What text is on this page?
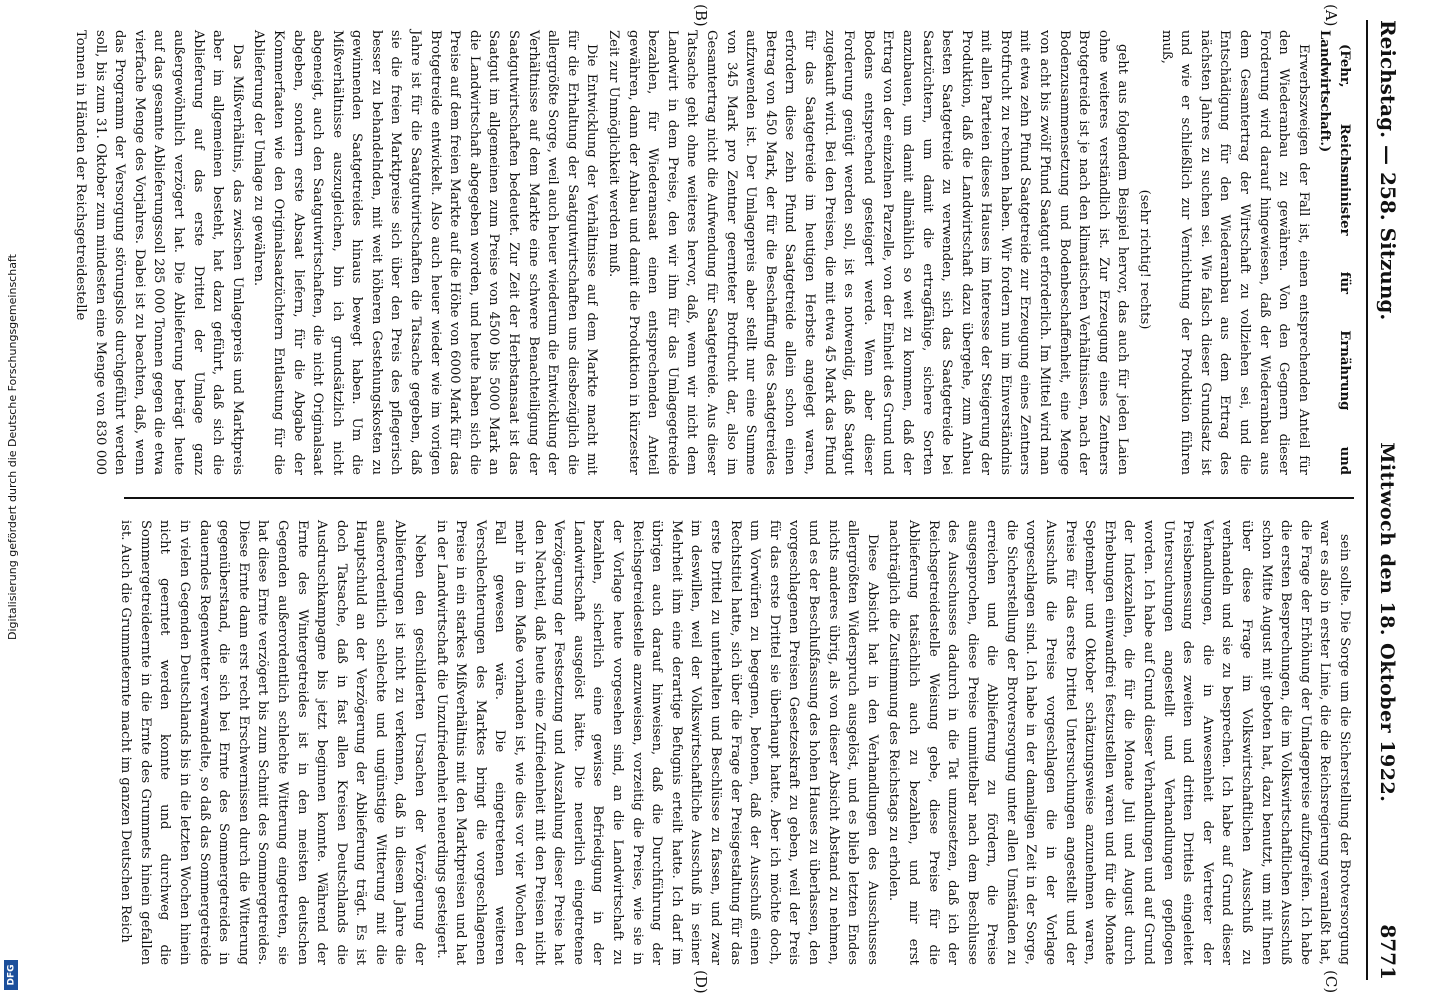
Reichstag. — 258. Sitzung.
Mittwoch den 18. Oktober 1922.
8771
(A)
(B)
(C)
(D)

(Fehr, Reichsminister für Ernährung und Landwirtschaft.)

Erwerbszweigen der Fall ist, einen entsprechenden Anteil für den Wiederanbau zu gewähren. Von den Gegnern dieser Forderung wird darauf hingewiesen, daß der Wiederanbau aus dem Gesamtertrag der Wirtschaft zu vollziehen sei, und die Entschädigung für den Wiederanbau aus dem Ertrag des nächsten Jahres zu suchen sei. Wie falsch dieser Grundsatz ist und wie er schließlich zur Vernichtung der Produktion führen muß,

(sehr richtig! rechts)

geht aus folgendem Beispiel hervor, das auch für jeden Laien ohne weiteres verständlich ist. Zur Erzeugung eines Zentners Brotgetreide ist je nach den klimatischen Verhältnissen, nach der Bodenzusammensetzung und Bodenbeschaffenheit, eine Menge von acht bis zwölf Pfund Saatgut erforderlich. Im Mittel wird man mit etwa zehn Pfund Saatgetreide zur Erzeugung eines Zentners Brotfrucht zu rechnen haben. Wir fordern nun im Einverständnis mit allen Parteien dieses Hauses im Interesse der Steigerung der Produktion, daß die Landwirtschaft dazu übergehe, zum Anbau besten Saatgetreide zu verwenden, sich das Saatgetreide bei Saatzüchtern, um damit die ertragfähige, sichere Sorten anzubauen, um damit allmählich so weit zu kommen, daß der Ertrag von der einzelnen Parzelle, von der Einheit des Grund und Bodens entsprechend gesteigert werde. Wenn aber dieser Forderung genügt werden soll, ist es notwendig, daß Saatgut zugekauft wird. Bei den Preisen, die mit etwa 45 Mark das Pfund für das Saatgetreide im heutigen Herbste angelegt waren, erfordern diese zehn Pfund Saatgetreide allein schon einen Betrag von 450 Mark, der für die Beschaffung des Saatgetreides aufzuwenden ist. Der Umlagepreis aber stellt nur eine Summe von 345 Mark pro Zentner geernteter Brotfrucht dar, also im Gesamtertrag nicht die Aufwendung für Saatgetreide. Aus dieser Tatsache geht ohne weiteres hervor, daß, wenn wir nicht dem Landwirt in dem Preise, den wir ihm für das Umlagegetreide bezahlen, für Wiederansaat einen entsprechenden Anteil gewähren, dann der Anbau und damit die Produktion in kürzester Zeit zur Unmöglichkeit werden muß.

Die Entwicklung der Verhältnisse auf dem Markte macht mit für die Erhaltung der Saatgutwirtschaften uns diesbezüglich die allergrößte Sorge, weil auch heuer wiederum die Entwicklung der Verhältnisse auf dem Markte eine schwere Benachteiligung der Saatgutwirtschaften bedeutet. Zur Zeit der Herbstansaat ist das Saatgut im allgemeinen zum Preise von 4500 bis 5000 Mark an die Landwirtschaft abgegeben worden, und heute haben sich die Preise auf dem freien Markte auf die Höhe von 6000 Mark für das Brotgetreide entwickelt. Also auch heuer wieder wie im vorigen Jahre ist für die Saatgutwirtschaften die Tatsache gegeben, daß sie die freien Marktpreise sich über den Preis des pflegerisch besser zu behandelnden, mit weit höheren Gestehungskosten zu gewinnenden Saatgetreides hinaus bewegt haben. Um die Mißverhältnisse auszugleichen, bin ich grundsätzlich nicht abgeneigt, auch den Saatgutwirtschaften, die nicht Originalsaat abgeben, sondern erste Absaat liefern, für die Abgabe der Kommerfaaten wie den Originalsaatzüchtern Entlastung für die Ablieferung der Umlage zu gewähren.

Das Mißverhältnis, das zwischen Umlagepreis und Marktpreis aber im allgemeinen besteht, hat dazu geführt, daß sich die Ablieferung auf das erste Drittel der Umlage ganz außergewöhnlich verzögert hat. Die Ablieferung beträgt heute auf das gesamte Ablieferungssoll 285 000 Tonnen gegen die etwa vierfache Menge des Vorjahres. Dabei ist zu beachten, daß, wenn das Programm der Versorgung störungslos durchgeführt werden soll, bis zum 31. Oktober zum mindesten eine Menge von 830 000 Tonnen in Händen der Reichsgetreidestelle

sein sollte. Die Sorge um die Sicherstellung der Brotversorgung war es also in erster Linie, die die Reichsregierung veranlaßt hat, die Frage der Erhöhung der Umlagepreise aufzugreifen. Ich habe die ersten Besprechungen, die im Volkswirtschaftlichen Ausschuß schon Mitte August mit geboten hat, dazu benutzt, um mit Ihnen über diese Frage im Volkswirtschaftlichen Ausschuß zu verhandeln und sie zu besprechen. Ich habe auf Grund dieser Verhandlungen, die in Anwesenheit der Vertreter der Preisbemessung des zweiten und dritten Drittels eingeleitet Untersuchungen angestellt und Verhandlungen gepflogen worden. Ich habe auf Grund dieser Verhandlungen und auf Grund der Indexzahlen, die für die Monate Juli und August durch Erhebungen einwandfrei festzustellen waren und für die Monate September und Oktober schätzungsweise anzunehmen waren, Preise für das erste Drittel Untersuchungen angestellt und der Ausschuß die Preise vorgeschlagen die in der Vorlage vorgeschlagen sind. Ich habe in der damaligen Zeit in der Sorge, die Sicherstellung der Brotversorgung unter allen Umständen zu erreichen und die Ablieferung zu fördern, die Preise ausgesprochen, diese Preise unmittelbar nach dem Beschlusse des Ausschusses dadurch in die Tat umzusetzen, daß ich der Reichsgetreidestelle Weisung gebe, diese Preise für die Ablieferung tatsächlich auch zu bezahlen, und mir erst nachträglich die Zustimmung des Reichstags zu erholen.

Diese Absicht hat in den Verhandlungen des Ausschusses allergrößten Widerspruch ausgelöst, und es blieb letzten Endes nichts anderes übrig, als von dieser Absicht Abstand zu nehmen, und es der Beschlußfassung des hohen Hauses zu überlassen, den vorgeschlagenen Preisen Gesetzeskraft zu geben, weil der Preis für das erste Drittel sie überhaupt hatte. Aber ich möchte doch, um Vorwürfen zu begegnen, betonen, daß der Ausschuß einen Rechtstitel hatte, sich über die Frage der Preisgestaltung für das erste Drittel zu unterhalten und Beschlüsse zu fassen, und zwar im deswillen, weil der Volkswirtschaftliche Ausschuß in seiner Mehrheit ihm eine derartige Befugnis erteilt hatte. Ich darf im übrigen auch darauf hinweisen, daß die Durchführung der Reichsgetreidestelle anzuweisen, vorzeitig die Preise, wie sie in der Vorlage heute vorgesehen sind, an die Landwirtschaft zu bezahlen, sicherlich eine gewisse Befriedigung in der Landwirtschaft ausgelöst hätte. Die neuerlich eingetretene Verzögerung der Festsetzung und Auszahlung dieser Preise hat den Nachteil, daß heute eine Zufriedenheit mit den Preisen nicht mehr in dem Maße vorhanden ist, wie dies vor vier Wochen der Fall gewesen wäre. Die eingetretenen weiteren Verschlechterungen des Marktes bringt die vorgeschlagenen Preise in ein starkes Mißverhältnis mit den Marktpreisen und hat in der Landwirtschaft die Unzufriedenheit neuerdings gesteigert.

Neben den geschilderten Ursachen der Verzögerung der Ablieferungen ist nicht zu verkennen, daß in diesem Jahre die außerordentlich schlechte und ungünstige Witterung mit die Hauptschuld an der Verzögerung der Ablieferung trägt. Es ist doch Tatsache, daß in fast allen Kreisen Deutschlands die Ausdruschkampagne bis jetzt beginnen konnte. Während der Ernte des Wintergetreides ist in den meisten deutschen Gegenden außerordentlich schlechte Witterung eingetreten, sie hat diese Ernte verzögert bis zum Schnitt des Sommergetreides. Diese Ernte dann erst recht Erschwernissen durch die Witterung gegenüberstand, die sich bei Ernte des Sommergetreides in dauerndes Regenwetter verwandelte, so daß das Sommergetreide in vielen Gegenden Deutschlands bis in die letzten Wochen hinein nicht geerntet werden konnte und durchweg die Sommergetreideernte in die Ernte des Grummets hinein gefallen ist. Auch die Grummeternte macht im ganzen Deutschen Reich

Digitalisierung gefördert durch die Deutsche Forschungsgemeinschaft
DFG
